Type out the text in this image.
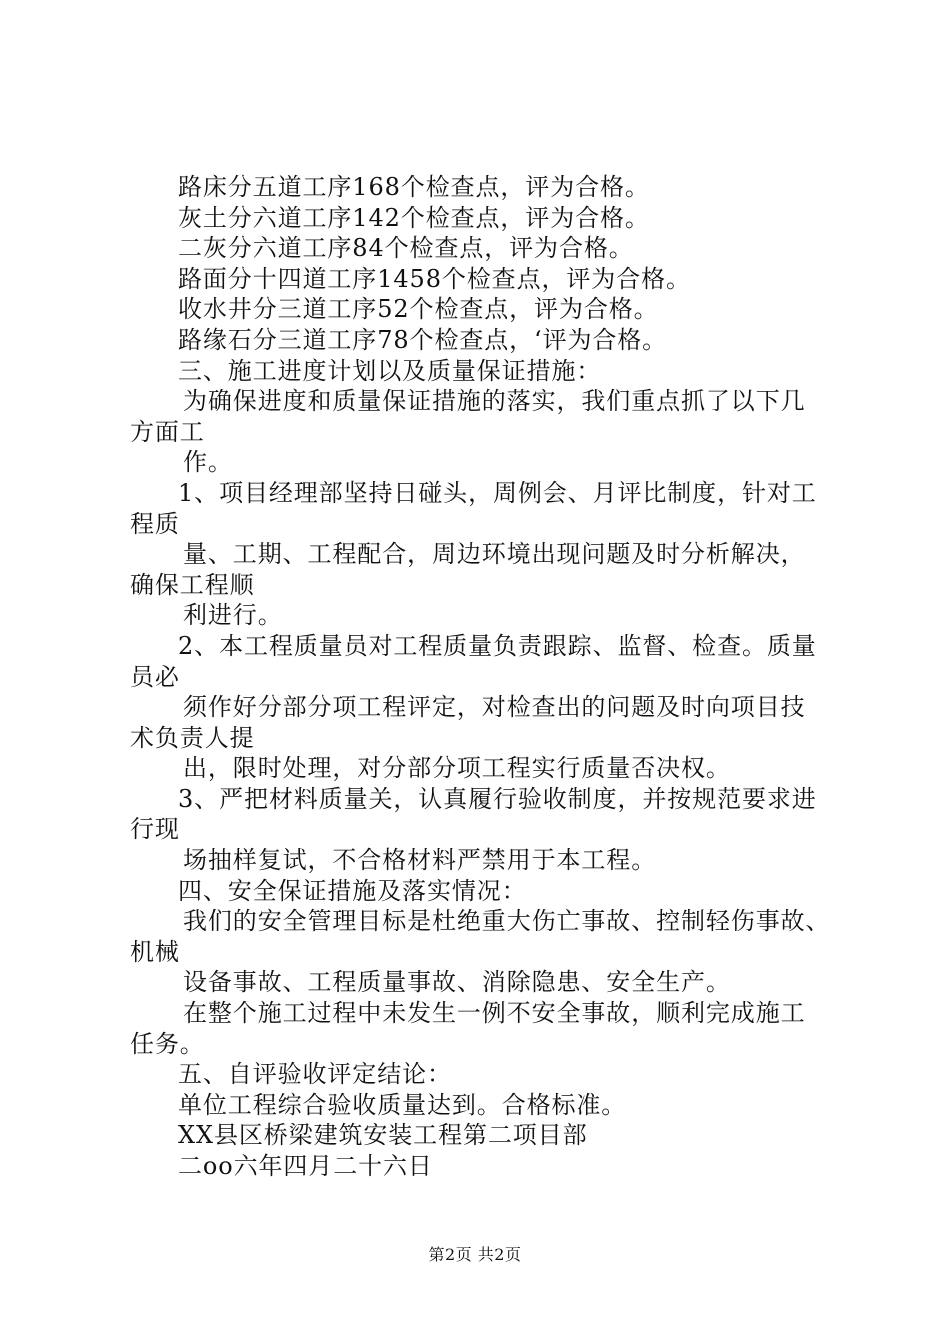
路床分五道工序168个检查点，评为合格。
灰土分六道工序142个检查点，评为合格。
二灰分六道工序84个检查点，评为合格。
路面分十四道工序1458个检查点，评为合格。
收水井分三道工序52个检查点，评为合格。
路缘石分三道工序78个检查点，‘评为合格。
三、施工进度计划以及质量保证措施：
为确保进度和质量保证措施的落实，我们重点抓了以下几
方面工
作。
1、项目经理部坚持日碰头，周例会、月评比制度，针对工
程质
量、工期、工程配合，周边环境出现问题及时分析解决，
确保工程顺
利进行。
2、本工程质量员对工程质量负责跟踪、监督、检查。质量
员必
须作好分部分项工程评定，对检查出的问题及时向项目技
术负责人提
出，限时处理，对分部分项工程实行质量否决权。
3、严把材料质量关，认真履行验收制度，并按规范要求进
行现
场抽样复试，不合格材料严禁用于本工程。
四、安全保证措施及落实情况：
我们的安全管理目标是杜绝重大伤亡事故、控制轻伤事故、
机械
设备事故、工程质量事故、消除隐患、安全生产。
在整个施工过程中未发生一例不安全事故，顺利完成施工
任务。
五、自评验收评定结论：
单位工程综合验收质量达到。合格标准。
XX县区桥梁建筑安装工程第二项目部
二oo六年四月二十六日
第2页 共2页
